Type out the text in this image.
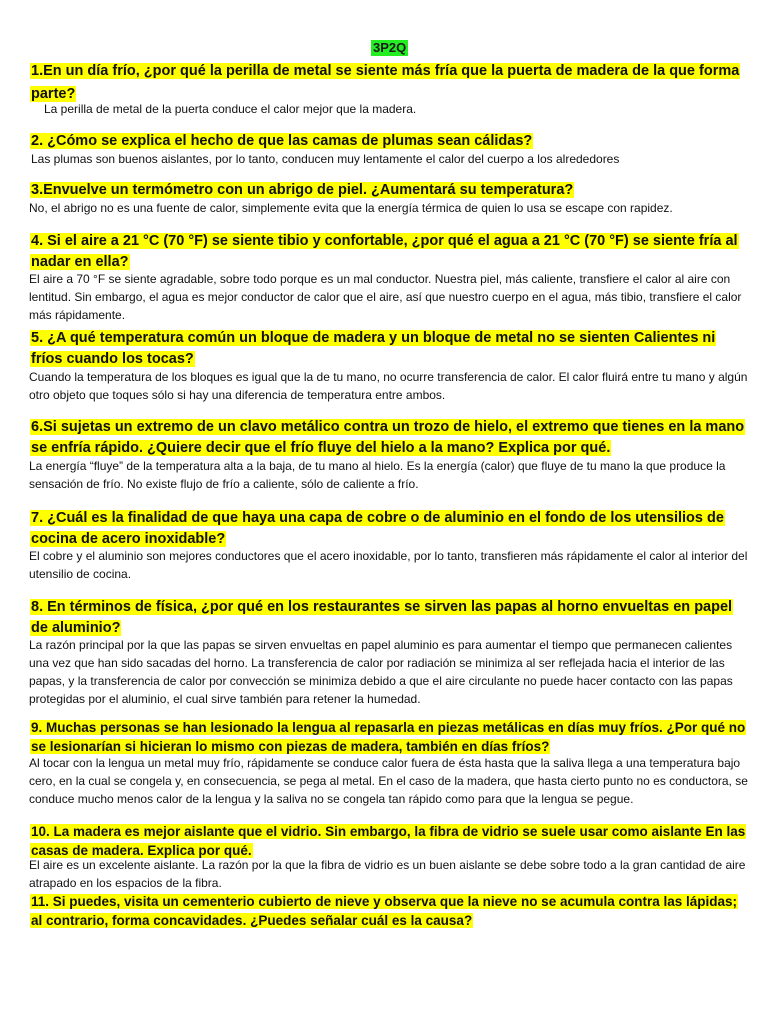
3P2Q
1.En un día frío, ¿por qué la perilla de metal se siente más fría que la puerta de madera de la que forma parte?
La perilla de metal de la puerta conduce el calor mejor que la madera.
2. ¿Cómo se explica el hecho de que las camas de plumas sean cálidas?
Las plumas son buenos aislantes, por lo tanto, conducen muy lentamente el calor del cuerpo a los alrededores
3.Envuelve un termómetro con un abrigo de piel. ¿Aumentará su temperatura?
No, el abrigo no es una fuente de calor, simplemente evita que la energía térmica de quien lo usa se escape con rapidez.
4. Si el aire a 21 °C (70 °F) se siente tibio y confortable, ¿por qué el agua a 21 °C (70 °F) se siente fría al nadar en ella?
El aire a 70 °F se siente agradable, sobre todo porque es un mal conductor. Nuestra piel, más caliente, transfiere el calor al aire con lentitud. Sin embargo, el agua es mejor conductor de calor que el aire, así que nuestro cuerpo en el agua, más tibio, transfiere el calor más rápidamente.
5. ¿A qué temperatura común un bloque de madera y un bloque de metal no se sienten Calientes ni fríos cuando los tocas?
Cuando la temperatura de los bloques es igual que la de tu mano, no ocurre transferencia de calor. El calor fluirá entre tu mano y algún otro objeto que toques sólo si hay una diferencia de temperatura entre ambos.
6.Si sujetas un extremo de un clavo metálico contra un trozo de hielo, el extremo que tienes en la mano se enfría rápido. ¿Quiere decir que el frío fluye del hielo a la mano? Explica por qué.
La energía “fluye” de la temperatura alta a la baja, de tu mano al hielo. Es la energía (calor) que fluye de tu mano la que produce la sensación de frío. No existe flujo de frío a caliente, sólo de caliente a frío.
7. ¿Cuál es la finalidad de que haya una capa de cobre o de aluminio en el fondo de los utensilios de cocina de acero inoxidable?
El cobre y el aluminio son mejores conductores que el acero inoxidable, por lo tanto, transfieren más rápidamente el calor al interior del utensilio de cocina.
8. En términos de física, ¿por qué en los restaurantes se sirven las papas al horno envueltas en papel de aluminio?
La razón principal por la que las papas se sirven envueltas en papel aluminio es para aumentar el tiempo que permanecen calientes una vez que han sido sacadas del horno. La transferencia de calor por radiación se minimiza al ser reflejada hacia el interior de las papas, y la transferencia de calor por convección se minimiza debido a que el aire circulante no puede hacer contacto con las papas protegidas por el aluminio, el cual sirve también para retener la humedad.
9. Muchas personas se han lesionado la lengua al repasarla en piezas metálicas en días muy fríos. ¿Por qué no se lesionarían si hicieran lo mismo con piezas de madera, también en días fríos?
Al tocar con la lengua un metal muy frío, rápidamente se conduce calor fuera de ésta hasta que la saliva llega a una temperatura bajo cero, en la cual se congela y, en consecuencia, se pega al metal. En el caso de la madera, que hasta cierto punto no es conductora, se conduce mucho menos calor de la lengua y la saliva no se congela tan rápido como para que la lengua se pegue.
10. La madera es mejor aislante que el vidrio. Sin embargo, la fibra de vidrio se suele usar como aislante En las casas de madera. Explica por qué.
El aire es un excelente aislante. La razón por la que la fibra de vidrio es un buen aislante se debe sobre todo a la gran cantidad de aire atrapado en los espacios de la fibra.
11. Si puedes, visita un cementerio cubierto de nieve y observa que la nieve no se acumula contra las lápidas; al contrario, forma concavidades. ¿Puedes señalar cuál es la causa?
